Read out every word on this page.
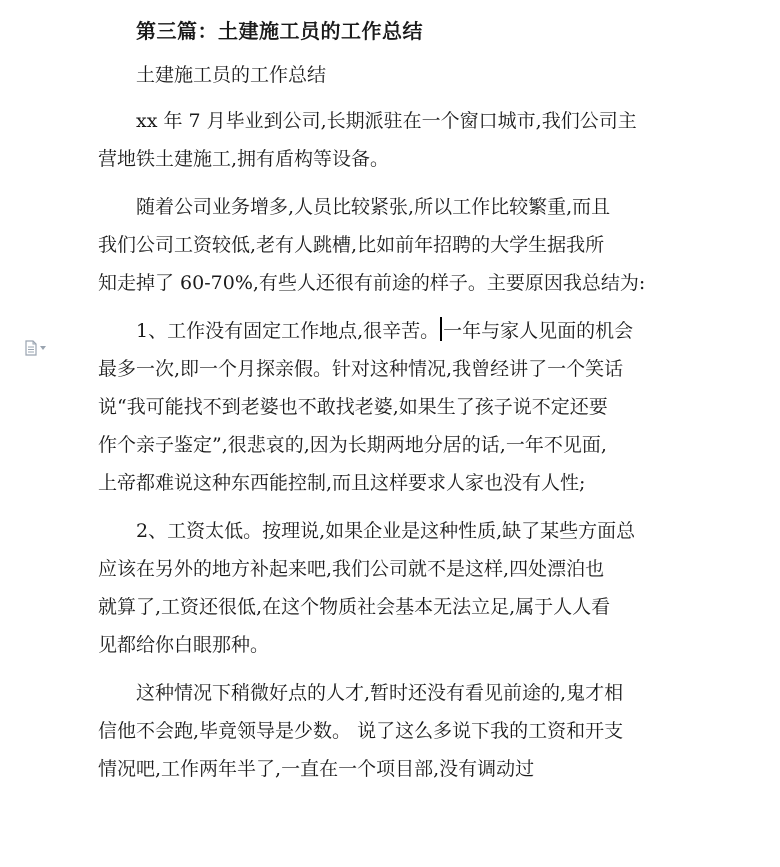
第三篇：土建施工员的工作总结

土建施工员的工作总结

xx 年 7 月毕业到公司,长期派驻在一个窗口城市,我们公司主
营地铁土建施工,拥有盾构等设备。

随着公司业务增多,人员比较紧张,所以工作比较繁重,而且
我们公司工资较低,老有人跳槽,比如前年招聘的大学生据我所
知走掉了 60-70%,有些人还很有前途的样子。主要原因我总结为:

1、工作没有固定工作地点,很辛苦。 一年与家人见面的机会
最多一次,即一个月探亲假。针对这种情况,我曾经讲了一个笑话
说“我可能找不到老婆也不敢找老婆,如果生了孩子说不定还要
作个亲子鉴定”,很悲哀的,因为长期两地分居的话,一年不见面,
上帝都难说这种东西能控制,而且这样要求人家也没有人性;

2、工资太低。按理说,如果企业是这种性质,缺了某些方面总
应该在另外的地方补起来吧,我们公司就不是这样,四处漂泊也
就算了,工资还很低,在这个物质社会基本无法立足,属于人人看
见都给你白眼那种。

这种情况下稍微好点的人才,暂时还没有看见前途的,鬼才相
信他不会跑,毕竟领导是少数。 说了这么多说下我的工资和开支
情况吧,工作两年半了,一直在一个项目部,没有调动过
